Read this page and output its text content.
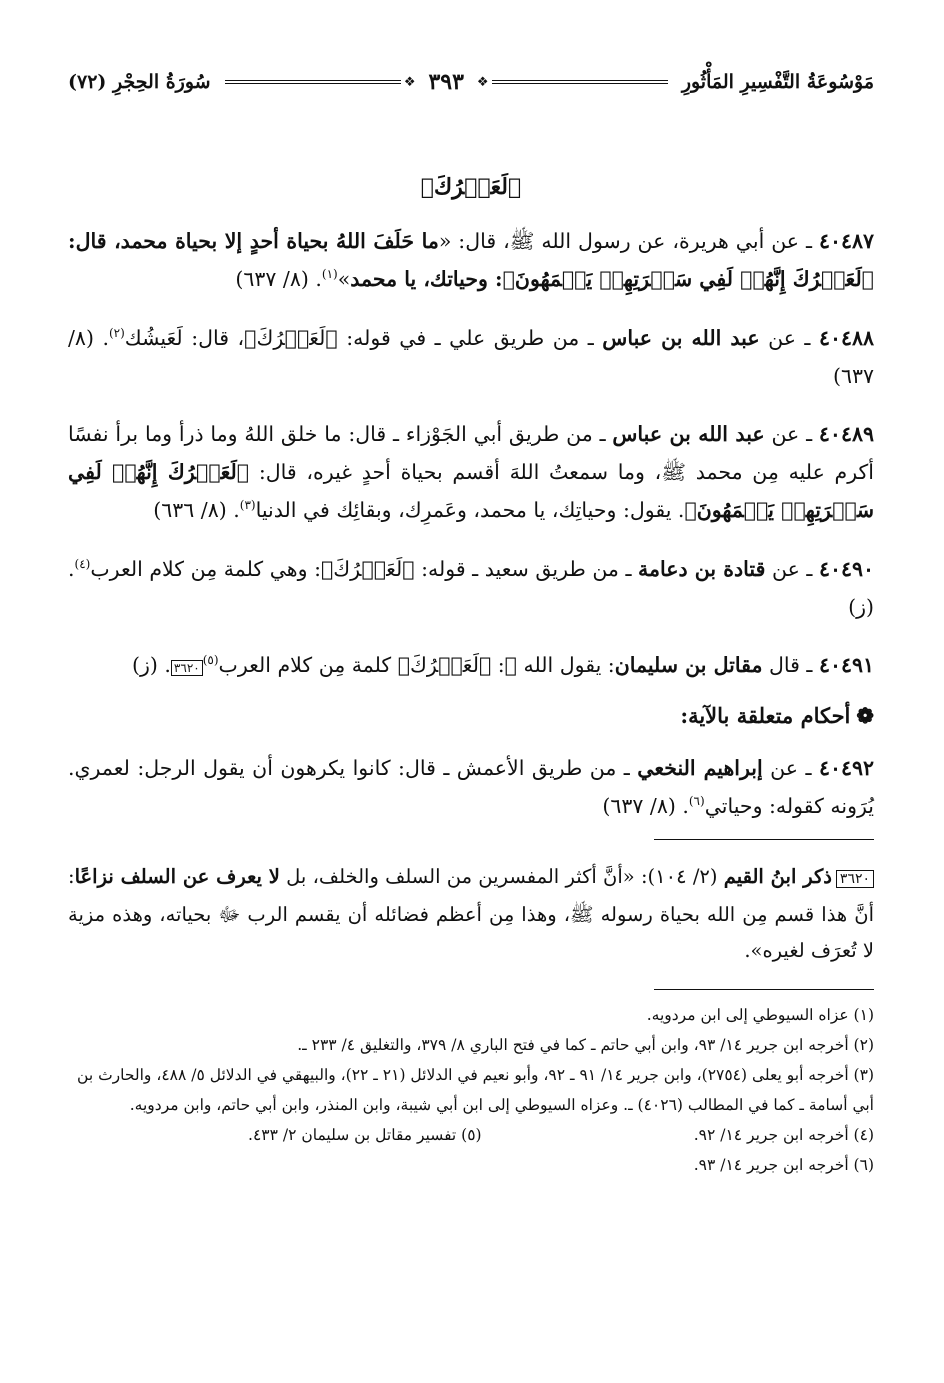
مَوْسُوعَةُ التَّفْسِيرِ المَأْثُورِ
❖
٣٩٣
❖
سُورَةُ الحِجْرِ (٧٢)
﴿لَعَمۡرُكَ﴾

٤٠٤٨٧ ـ عن أبي هريرة، عن رسول الله ﷺ، قال: «ما حَلَفَ اللهُ بحياة أحدٍ إلا بحياة محمد، قال: ﴿لَعَمۡرُكَ إِنَّهُمۡ لَفِي سَكۡرَتِهِمۡ يَعۡمَهُونَ﴾: وحياتك، يا محمد»$^{(١)}$. (٨/ ٦٣٧)

٤٠٤٨٨ ـ عن عبد الله بن عباس ـ من طريق علي ـ في قوله: ﴿لَعَمۡرُكَ﴾، قال: لَعَيشُك$^{(٢)}$. (٨/ ٦٣٧)

٤٠٤٨٩ ـ عن عبد الله بن عباس ـ من طريق أبي الجَوْزاء ـ قال: ما خلق اللهُ وما ذرأ وما برأ نفسًا أكرم عليه مِن محمد ﷺ، وما سمعتُ اللهَ أقسم بحياة أحدٍ غيره، قال: ﴿لَعَمۡرُكَ إِنَّهُمۡ لَفِي سَكۡرَتِهِمۡ يَعۡمَهُونَ﴾. يقول: وحياتِك، يا محمد، وعَمرِك، وبقائِك في الدنيا$^{(٣)}$. (٨/ ٦٣٦)

٤٠٤٩٠ ـ عن قتادة بن دعامة ـ من طريق سعيد ـ قوله: ﴿لَعَمۡرُكَ﴾: وهي كلمة مِن كلام العرب$^{(٤)}$. (ز)

٤٠٤٩١ ـ قال مقاتل بن سليمان: يقول الله ﷻ: ﴿لَعَمۡرُكَ﴾ كلمة مِن كلام العرب$^{(٥)}$٣٦٢٠. (ز)

❁أحكام متعلقة بالآية:

٤٠٤٩٢ ـ عن إبراهيم النخعي ـ من طريق الأعمش ـ قال: كانوا يكرهون أن يقول الرجل: لعمري. يُرَونه كقوله: وحياتي$^{(٦)}$. (٨/ ٦٣٧)

٣٦٢٠ذكر ابنُ القيم (٢/ ١٠٤): «أنَّ أكثر المفسرين من السلف والخلف، بل لا يعرف عن السلف نزاعًا: أنَّ هذا قسم مِن الله بحياة رسوله ﷺ، وهذا مِن أعظم فضائله أن يقسم الرب ﷻ بحياته، وهذه مزية لا تُعرَف لغيره».

(١) عزاه السيوطي إلى ابن مردويه.
(٢) أخرجه ابن جرير ١٤/ ٩٣، وابن أبي حاتم ـ كما في فتح الباري ٨/ ٣٧٩، والتغليق ٤/ ٢٣٣ ـ.
(٣) أخرجه أبو يعلى (٢٧٥٤)، وابن جرير ١٤/ ٩١ ـ ٩٢، وأبو نعيم في الدلائل (٢١ ـ ٢٢)، والبيهقي في الدلائل ٥/ ٤٨٨، والحارث بن أبي أسامة ـ كما في المطالب (٤٠٢٦) ـ. وعزاه السيوطي إلى ابن أبي شيبة، وابن المنذر، وابن أبي حاتم، وابن مردويه.
(٤) أخرجه ابن جرير ١٤/ ٩٢.
(٥) تفسير مقاتل بن سليمان ٢/ ٤٣٣.
(٦) أخرجه ابن جرير ١٤/ ٩٣.
